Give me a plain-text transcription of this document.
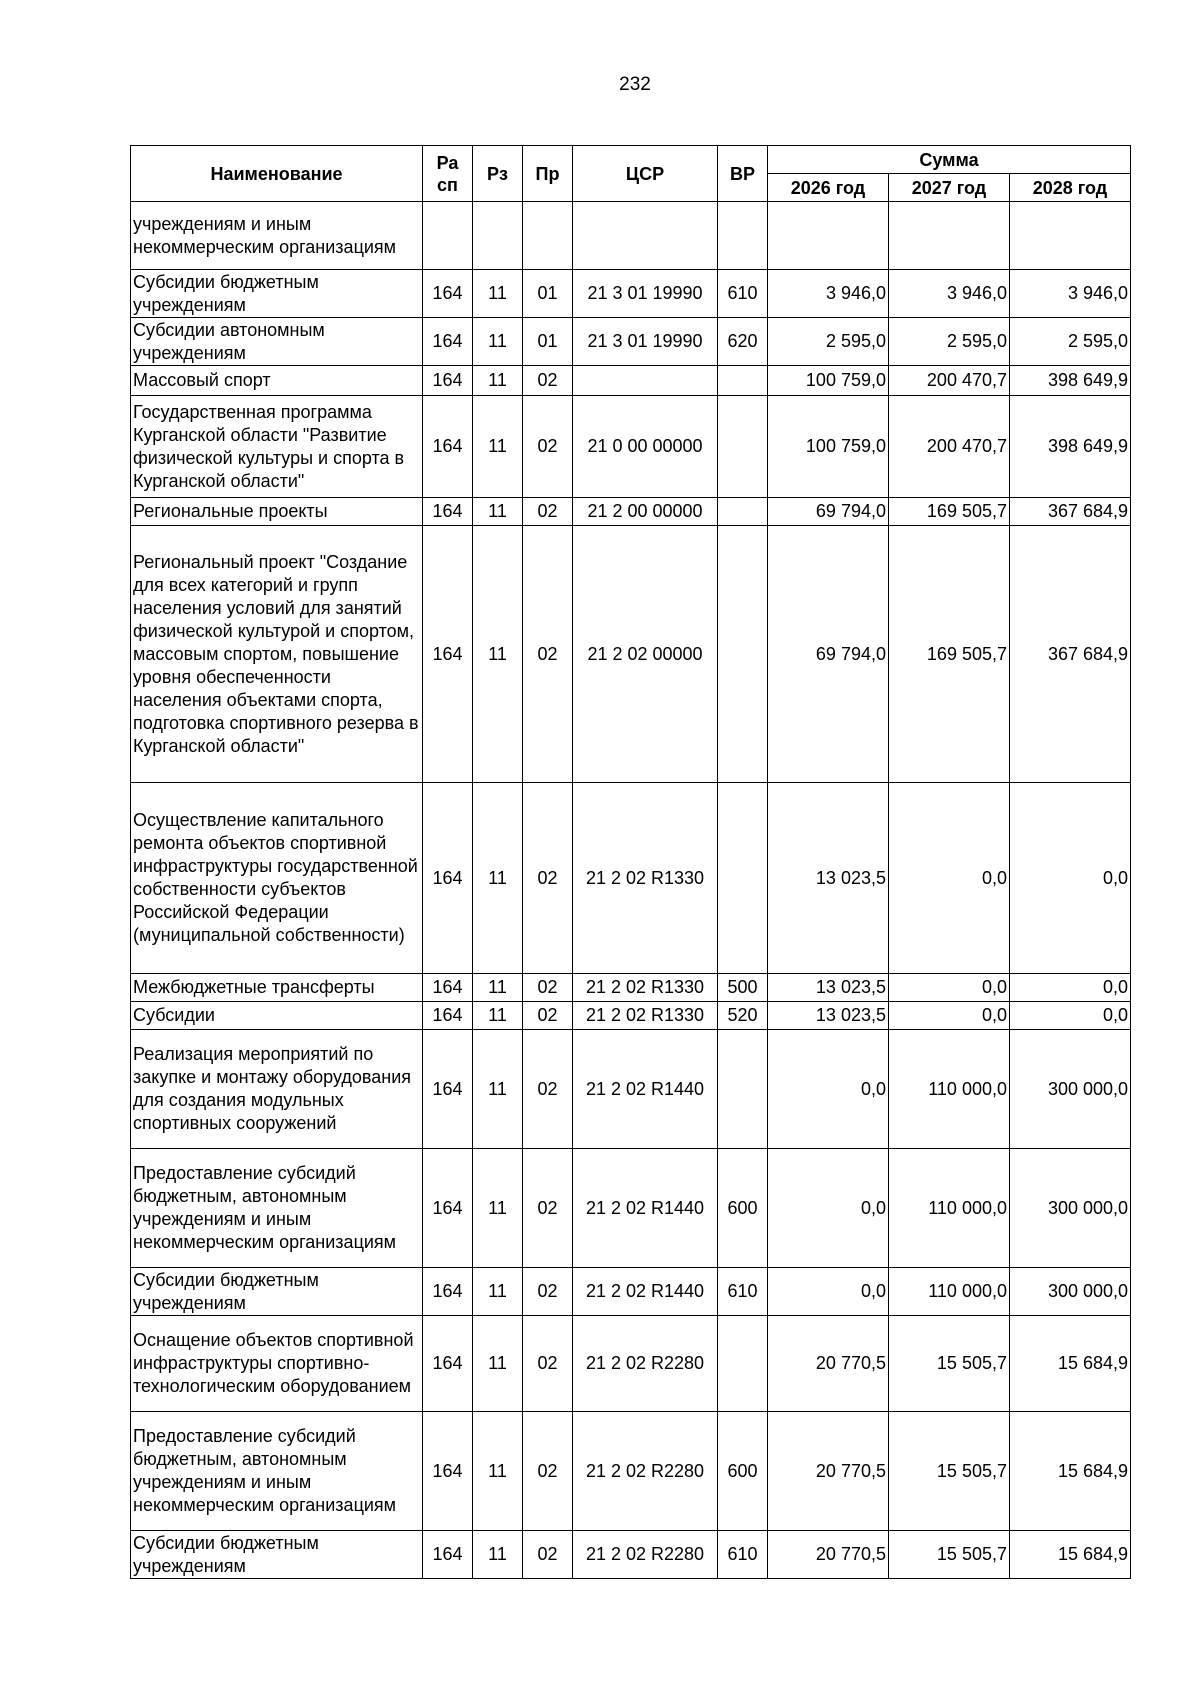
232
Наименование	Ра сп	Рз	Пр	ЦСР	ВР	Сумма		
						2026 год	2027 год	2028 год
учреждениям и иным некоммерческим организациям								
Субсидии бюджетным учреждениям	164	11	01	21 3 01 19990	610	3 946,0	3 946,0	3 946,0
Субсидии автономным учреждениям	164	11	01	21 3 01 19990	620	2 595,0	2 595,0	2 595,0
Массовый спорт	164	11	02			100 759,0	200 470,7	398 649,9
Государственная программа Курганской области "Развитие физической культуры и спорта в Курганской области"	164	11	02	21 0 00 00000		100 759,0	200 470,7	398 649,9
Региональные проекты	164	11	02	21 2 00 00000		69 794,0	169 505,7	367 684,9
Региональный проект "Создание для всех категорий и групп населения условий для занятий физической культурой и спортом, массовым спортом, повышение уровня обеспеченности населения объектами спорта, подготовка спортивного резерва в Курганской области"	164	11	02	21 2 02 00000		69 794,0	169 505,7	367 684,9
Осуществление капитального ремонта объектов спортивной инфраструктуры государственной собственности субъектов Российской Федерации (муниципальной собственности)	164	11	02	21 2 02 R1330		13 023,5	0,0	0,0
Межбюджетные трансферты	164	11	02	21 2 02 R1330	500	13 023,5	0,0	0,0
Субсидии	164	11	02	21 2 02 R1330	520	13 023,5	0,0	0,0
Реализация мероприятий по закупке и монтажу оборудования для создания модульных спортивных сооружений	164	11	02	21 2 02 R1440		0,0	110 000,0	300 000,0
Предоставление субсидий бюджетным, автономным учреждениям и иным некоммерческим организациям	164	11	02	21 2 02 R1440	600	0,0	110 000,0	300 000,0
Субсидии бюджетным учреждениям	164	11	02	21 2 02 R1440	610	0,0	110 000,0	300 000,0
Оснащение объектов спортивной инфраструктуры спортивно-технологическим оборудованием	164	11	02	21 2 02 R2280		20 770,5	15 505,7	15 684,9
Предоставление субсидий бюджетным, автономным учреждениям и иным некоммерческим организациям	164	11	02	21 2 02 R2280	600	20 770,5	15 505,7	15 684,9
Субсидии бюджетным учреждениям	164	11	02	21 2 02 R2280	610	20 770,5	15 505,7	15 684,9
